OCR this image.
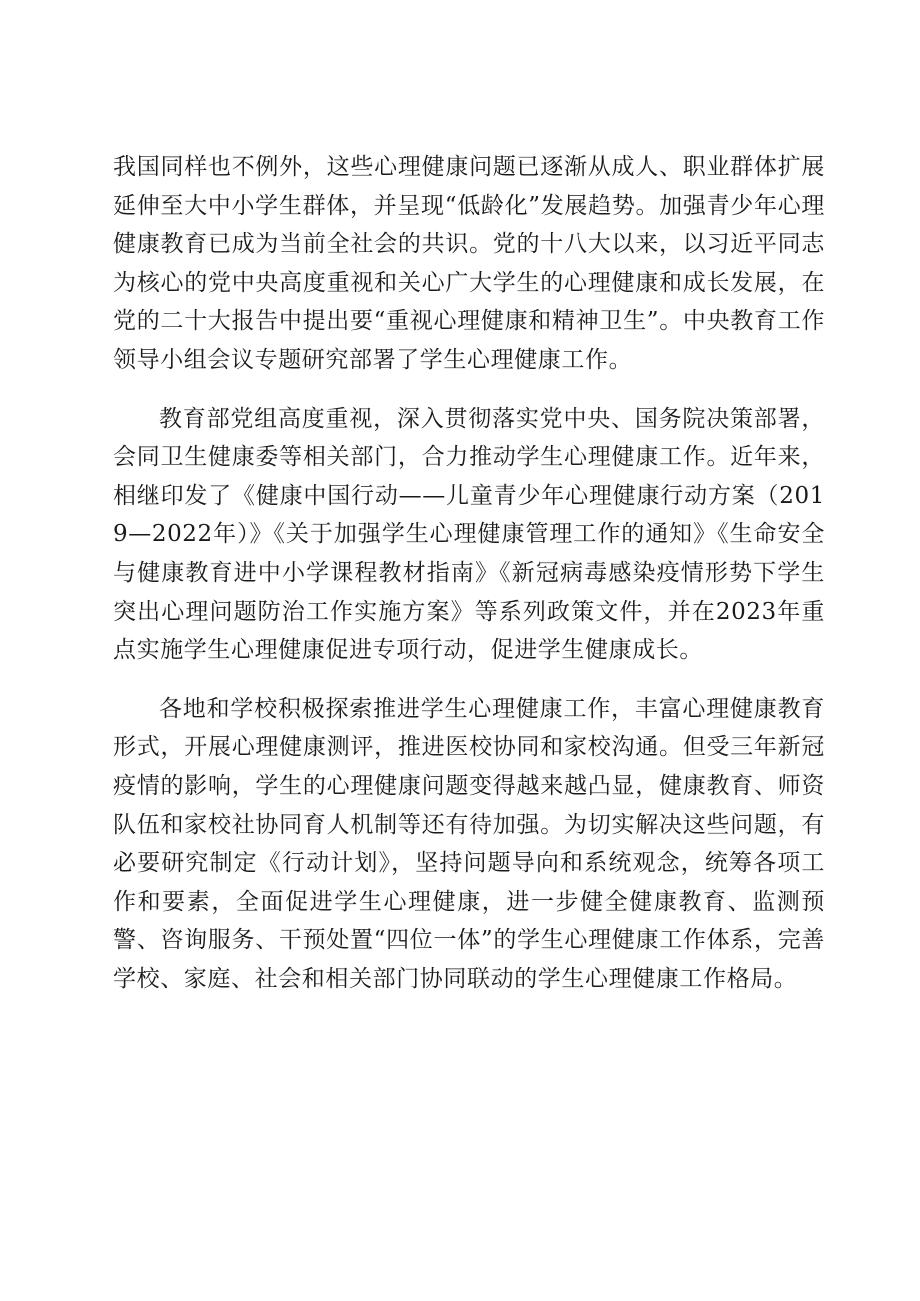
我国同样也不例外，这些心理健康问题已逐渐从成人、职业群体扩展延伸至大中小学生群体，并呈现“低龄化”发展趋势。加强青少年心理健康教育已成为当前全社会的共识。党的十八大以来，以习近平同志为核心的党中央高度重视和关心广大学生的心理健康和成长发展，在党的二十大报告中提出要“重视心理健康和精神卫生”。中央教育工作领导小组会议专题研究部署了学生心理健康工作。

教育部党组高度重视，深入贯彻落实党中央、国务院决策部署，会同卫生健康委等相关部门，合力推动学生心理健康工作。近年来，相继印发了《健康中国行动——儿童青少年心理健康行动方案（2019—2022年）》《关于加强学生心理健康管理工作的通知》《生命安全与健康教育进中小学课程教材指南》《新冠病毒感染疫情形势下学生突出心理问题防治工作实施方案》等系列政策文件，并在2023年重点实施学生心理健康促进专项行动，促进学生健康成长。

各地和学校积极探索推进学生心理健康工作，丰富心理健康教育形式，开展心理健康测评，推进医校协同和家校沟通。但受三年新冠疫情的影响，学生的心理健康问题变得越来越凸显，健康教育、师资队伍和家校社协同育人机制等还有待加强。为切实解决这些问题，有必要研究制定《行动计划》，坚持问题导向和系统观念，统筹各项工作和要素，全面促进学生心理健康，进一步健全健康教育、监测预警、咨询服务、干预处置“四位一体”的学生心理健康工作体系，完善学校、家庭、社会和相关部门协同联动的学生心理健康工作格局。
